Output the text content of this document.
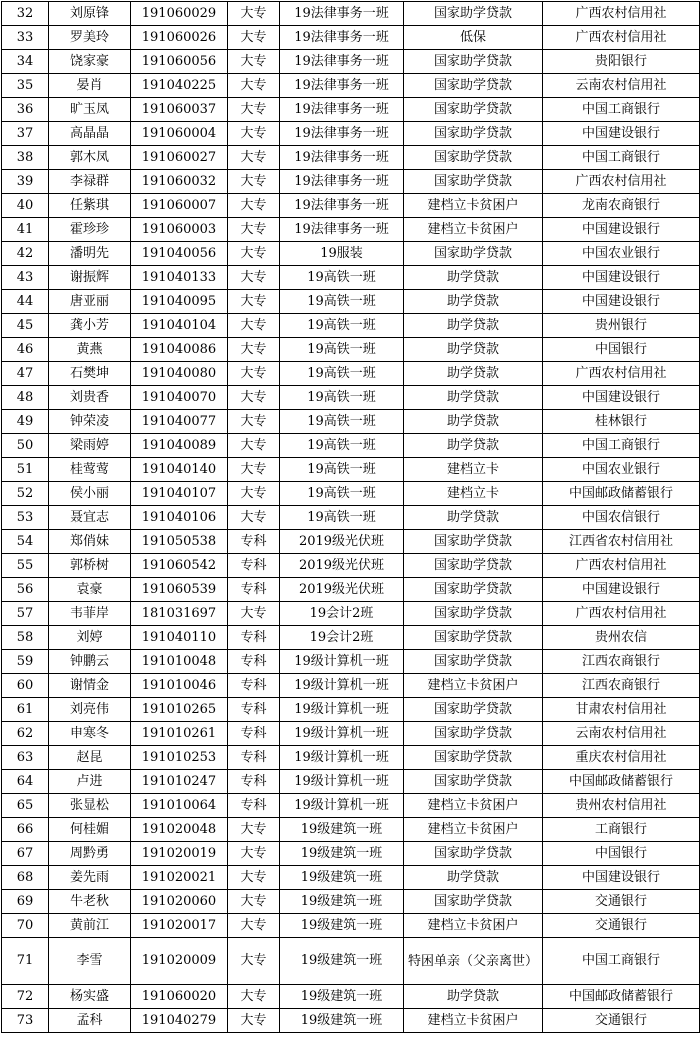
32	刘原锋	191060029	大专	19法律事务一班	国家助学贷款	广西农村信用社
33	罗美玲	191060026	大专	19法律事务一班	低保	广西农村信用社
34	饶家豪	191060056	大专	19法律事务一班	国家助学贷款	贵阳银行
35	晏肖	191040225	大专	19法律事务一班	国家助学贷款	云南农村信用社
36	旷玉凤	191060037	大专	19法律事务一班	国家助学贷款	中国工商银行
37	高晶晶	191060004	大专	19法律事务一班	国家助学贷款	中国建设银行
38	郭木凤	191060027	大专	19法律事务一班	国家助学贷款	中国工商银行
39	李禄群	191060032	大专	19法律事务一班	国家助学贷款	广西农村信用社
40	任紫琪	191060007	大专	19法律事务一班	建档立卡贫困户	龙南农商银行
41	霍珍珍	191060003	大专	19法律事务一班	建档立卡贫困户	中国建设银行
42	潘明先	191040056	大专	19服装	国家助学贷款	中国农业银行
43	谢振辉	191040133	大专	19高铁一班	助学贷款	中国建设银行
44	唐亚丽	191040095	大专	19高铁一班	助学贷款	中国建设银行
45	龚小芳	191040104	大专	19高铁一班	助学贷款	贵州银行
46	黄燕	191040086	大专	19高铁一班	助学贷款	中国银行
47	石樊坤	191040080	大专	19高铁一班	助学贷款	广西农村信用社
48	刘贵香	191040070	大专	19高铁一班	助学贷款	中国建设银行
49	钟荣凌	191040077	大专	19高铁一班	助学贷款	桂林银行
50	梁雨婷	191040089	大专	19高铁一班	助学贷款	中国工商银行
51	桂莺莺	191040140	大专	19高铁一班	建档立卡	中国农业银行
52	侯小丽	191040107	大专	19高铁一班	建档立卡	中国邮政储蓄银行
53	聂宜志	191040106	大专	19高铁一班	助学贷款	中国农信银行
54	郑俏妹	191050538	专科	2019级光伏班	国家助学贷款	江西省农村信用社
55	郭桥树	191060542	专科	2019级光伏班	国家助学贷款	广西农村信用社
56	袁豪	191060539	专科	2019级光伏班	国家助学贷款	中国建设银行
57	韦菲岸	181031697	大专	19会计2班	国家助学贷款	广西农村信用社
58	刘婷	191040110	专科	19会计2班	国家助学贷款	贵州农信
59	钟鹏云	191010048	专科	19级计算机一班	国家助学贷款	江西农商银行
60	谢情金	191010046	专科	19级计算机一班	建档立卡贫困户	江西农商银行
61	刘亮伟	191010265	专科	19级计算机一班	国家助学贷款	甘肃农村信用社
62	申寒冬	191010261	专科	19级计算机一班	国家助学贷款	云南农村信用社
63	赵昆	191010253	专科	19级计算机一班	国家助学贷款	重庆农村信用社
64	卢进	191010247	专科	19级计算机一班	国家助学贷款	中国邮政储蓄银行
65	张显松	191010064	专科	19级计算机一班	建档立卡贫困户	贵州农村信用社
66	何桂媚	191020048	大专	19级建筑一班	建档立卡贫困户	工商银行
67	周黔勇	191020019	大专	19级建筑一班	国家助学贷款	中国银行
68	姜先雨	191020021	大专	19级建筑一班	助学贷款	中国建设银行
69	牛老秋	191020060	大专	19级建筑一班	国家助学贷款	交通银行
70	黄前江	191020017	大专	19级建筑一班	建档立卡贫困户	交通银行
71	李雪	191020009	大专	19级建筑一班	特困单亲（父亲离世）	中国工商银行
72	杨实盛	191060020	大专	19级建筑一班	助学贷款	中国邮政储蓄银行
73	孟科	191040279	大专	19级建筑一班	建档立卡贫困户	交通银行
